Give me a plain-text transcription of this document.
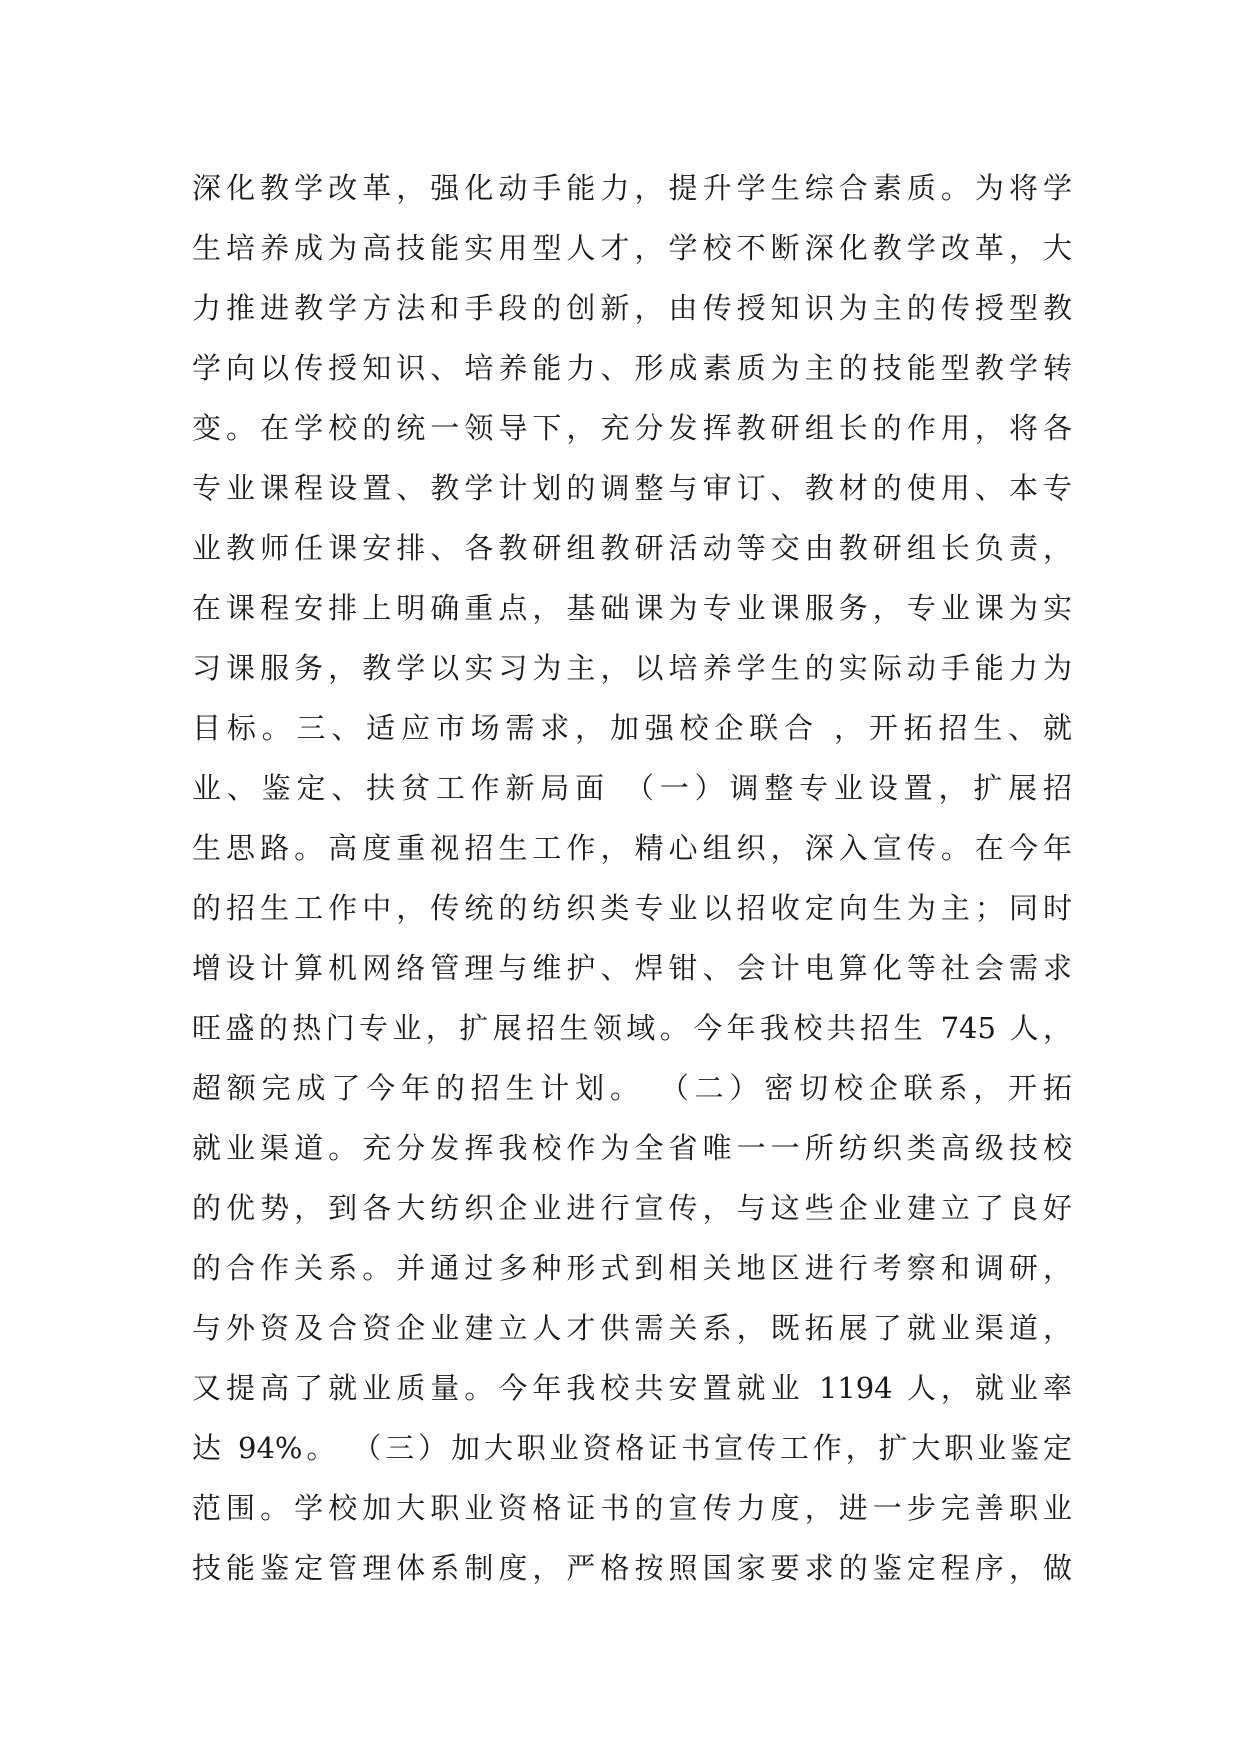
深化教学改革，强化动手能力，提升学生综合素质。为将学
生培养成为高技能实用型人才，学校不断深化教学改革，大
力推进教学方法和手段的创新，由传授知识为主的传授型教
学向以传授知识、培养能力、形成素质为主的技能型教学转
变。在学校的统一领导下，充分发挥教研组长的作用，将各
专业课程设置、教学计划的调整与审订、教材的使用、本专
业教师任课安排、各教研组教研活动等交由教研组长负责，
在课程安排上明确重点，基础课为专业课服务，专业课为实
习课服务，教学以实习为主，以培养学生的实际动手能力为
目标。三、适应市场需求，加强校企联合 ，开拓招生、就
业、鉴定、扶贫工作新局面 （一）调整专业设置，扩展招
生思路。高度重视招生工作，精心组织，深入宣传。在今年
的招生工作中，传统的纺织类专业以招收定向生为主；同时
增设计算机网络管理与维护、焊钳、会计电算化等社会需求
旺盛的热门专业，扩展招生领域。今年我校共招生 745 人，
超额完成了今年的招生计划。 （二）密切校企联系，开拓
就业渠道。充分发挥我校作为全省唯一一所纺织类高级技校
的优势，到各大纺织企业进行宣传，与这些企业建立了良好
的合作关系。并通过多种形式到相关地区进行考察和调研，
与外资及合资企业建立人才供需关系，既拓展了就业渠道，
又提高了就业质量。今年我校共安置就业 1194 人，就业率
达 94%。 （三）加大职业资格证书宣传工作，扩大职业鉴定
范围。学校加大职业资格证书的宣传力度，进一步完善职业
技能鉴定管理体系制度，严格按照国家要求的鉴定程序，做
